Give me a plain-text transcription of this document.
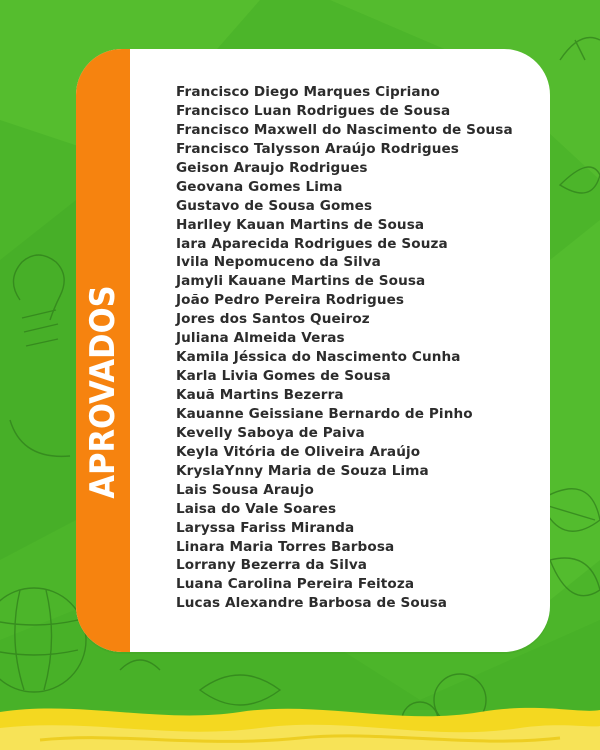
APROVADOS
Francisco Diego Marques Cipriano
Francisco Luan Rodrigues de Sousa
Francisco Maxwell do Nascimento de Sousa
Francisco Talysson Araújo Rodrigues
Geison Araujo Rodrigues
Geovana Gomes Lima
Gustavo de Sousa Gomes
Harlley Kauan Martins de Sousa
Iara Aparecida Rodrigues de Souza
Ivila Nepomuceno da Silva
Jamyli Kauane Martins de Sousa
João Pedro Pereira Rodrigues
Jores dos Santos Queiroz
Juliana Almeida Veras
Kamila Jéssica do Nascimento Cunha
Karla Livia Gomes de Sousa
Kauã Martins Bezerra
Kauanne Geissiane Bernardo de Pinho
Kevelly Saboya de Paiva
Keyla Vitória de Oliveira Araújo
KryslaYnny Maria de Souza Lima
Lais Sousa Araujo
Laisa do Vale Soares
Laryssa Fariss Miranda
Linara Maria Torres Barbosa
Lorrany Bezerra da Silva
Luana Carolina Pereira Feitoza
Lucas Alexandre Barbosa de Sousa
